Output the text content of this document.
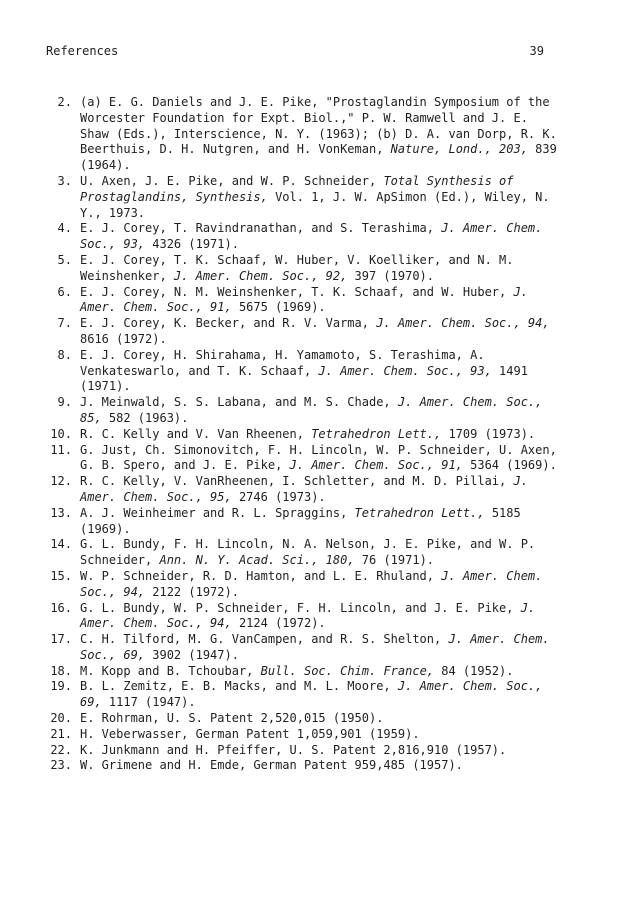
References	39
2. (a) E. G. Daniels and J. E. Pike, "Prostaglandin Symposium of the Worcester Foundation for Expt. Biol.," P. W. Ramwell and J. E. Shaw (Eds.), Interscience, N. Y. (1963); (b) D. A. van Dorp, R. K. Beerthuis, D. H. Nutgren, and H. VonKeman, Nature, Lond., 203, 839 (1964).
3. U. Axen, J. E. Pike, and W. P. Schneider, Total Synthesis of Prostaglandins, Synthesis, Vol. 1, J. W. ApSimon (Ed.), Wiley, N. Y., 1973.
4. E. J. Corey, T. Ravindranathan, and S. Terashima, J. Amer. Chem. Soc., 93, 4326 (1971).
5. E. J. Corey, T. K. Schaaf, W. Huber, V. Koelliker, and N. M. Weinshenker, J. Amer. Chem. Soc., 92, 397 (1970).
6. E. J. Corey, N. M. Weinshenker, T. K. Schaaf, and W. Huber, J. Amer. Chem. Soc., 91, 5675 (1969).
7. E. J. Corey, K. Becker, and R. V. Varma, J. Amer. Chem. Soc., 94, 8616 (1972).
8. E. J. Corey, H. Shirahama, H. Yamamoto, S. Terashima, A. Venkateswarlo, and T. K. Schaaf, J. Amer. Chem. Soc., 93, 1491 (1971).
9. J. Meinwald, S. S. Labana, and M. S. Chade, J. Amer. Chem. Soc., 85, 582 (1963).
10. R. C. Kelly and V. Van Rheenen, Tetrahedron Lett., 1709 (1973).
11. G. Just, Ch. Simonovitch, F. H. Lincoln, W. P. Schneider, U. Axen, G. B. Spero, and J. E. Pike, J. Amer. Chem. Soc., 91, 5364 (1969).
12. R. C. Kelly, V. VanRheenen, I. Schletter, and M. D. Pillai, J. Amer. Chem. Soc., 95, 2746 (1973).
13. A. J. Weinheimer and R. L. Spraggins, Tetrahedron Lett., 5185 (1969).
14. G. L. Bundy, F. H. Lincoln, N. A. Nelson, J. E. Pike, and W. P. Schneider, Ann. N. Y. Acad. Sci., 180, 76 (1971).
15. W. P. Schneider, R. D. Hamton, and L. E. Rhuland, J. Amer. Chem. Soc., 94, 2122 (1972).
16. G. L. Bundy, W. P. Schneider, F. H. Lincoln, and J. E. Pike, J. Amer. Chem. Soc., 94, 2124 (1972).
17. C. H. Tilford, M. G. VanCampen, and R. S. Shelton, J. Amer. Chem. Soc., 69, 3902 (1947).
18. M. Kopp and B. Tchoubar, Bull. Soc. Chim. France, 84 (1952).
19. B. L. Zemitz, E. B. Macks, and M. L. Moore, J. Amer. Chem. Soc., 69, 1117 (1947).
20. E. Rohrman, U. S. Patent 2,520,015 (1950).
21. H. Veberwasser, German Patent 1,059,901 (1959).
22. K. Junkmann and H. Pfeiffer, U. S. Patent 2,816,910 (1957).
23. W. Grimene and H. Emde, German Patent 959,485 (1957).
